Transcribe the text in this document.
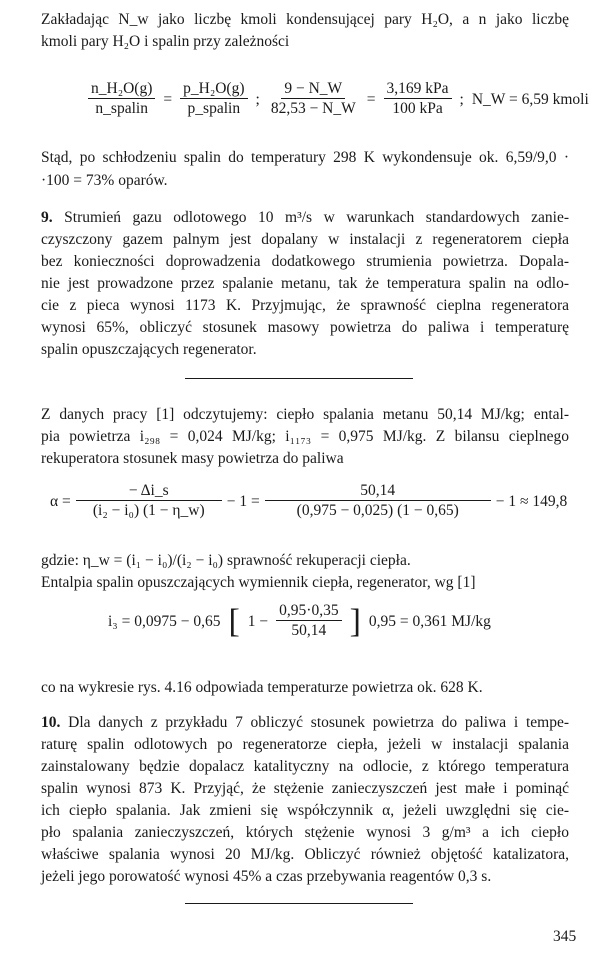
Zakładając N_w jako liczbę kmoli kondensującej pary H₂O, a n jako liczbę
kmoli pary H₂O i spalin przy zależności
$\frac{\text{n\_H₂O(g)}}{\text{n\_spalin}} = \frac{\text{p\_H₂O(g)}}{\text{p\_spalin}}$ ; $\frac{9 - N\_W}{82,53 - N\_W} = \frac{\text{3,169 kPa}}{\text{100 kPa}}$ ; N_W = 6,59 kmoli
Stąd, po schłodzeniu spalin do temperatury 298 K wykondensuje ok. 6,59/9,0 ·
·100 = 73% oparów.
9. Strumień gazu odlotowego 10 m³/s w warunkach standardowych zanie-
czyszczony gazem palnym jest dopalany w instalacji z regeneratorem ciepła
bez konieczności doprowadzenia dodatkowego strumienia powietrza. Dopala-
nie jest prowadzone przez spalanie metanu, tak że temperatura spalin na odlo-
cie z pieca wynosi 1173 K. Przyjmując, że sprawność cieplna regeneratora
wynosi 65%, obliczyć stosunek masowy powietrza do paliwa i temperaturę
spalin opuszczających regenerator.
Z danych pracy [1] odczytujemy: ciepło spalania metanu 50,14 MJ/kg; ental-
pia powietrza i₂₉₈ = 0,024 MJ/kg; i₁₁₇₃ = 0,975 MJ/kg. Z bilansu cieplnego
rekuperatora stosunek masy powietrza do paliwa
$\alpha = \frac{- \Delta i\_s}{\text{(i₂ − i₀) (1 − η\_w)}} - 1 = \frac{50,14}{(0,975 - 0,025) (1 - 0,65)} - 1 \approx 149,8$
gdzie: η_w = (i₁ − i₀)/(i₂ − i₀) sprawność rekuperacji ciepła.
Entalpia spalin opuszczających wymiennik ciepła, regenerator, wg [1]
i₃ = 0,0975 − 0,65 [ $1 - \frac{0,95\cdot 0,35}{50,14}$ ] 0,95 = 0,361 MJ/kg
co na wykresie rys. 4.16 odpowiada temperaturze powietrza ok. 628 K.
10. Dla danych z przykładu 7 obliczyć stosunek powietrza do paliwa i tempe-
raturę spalin odlotowych po regeneratorze ciepła, jeżeli w instalacji spalania
zainstalowany będzie dopalacz katalityczny na odlocie, z którego temperatura
spalin wynosi 873 K. Przyjąć, że stężenie zanieczyszczeń jest małe i pominąć
ich ciepło spalania. Jak zmieni się współczynnik α, jeżeli uwzględni się cie-
pło spalania zanieczyszczeń, których stężenie wynosi 3 g/m³ a ich ciepło
właściwe spalania wynosi 20 MJ/kg. Obliczyć również objętość katalizatora,
jeżeli jego porowatość wynosi 45% a czas przebywania reagentów 0,3 s.
345
